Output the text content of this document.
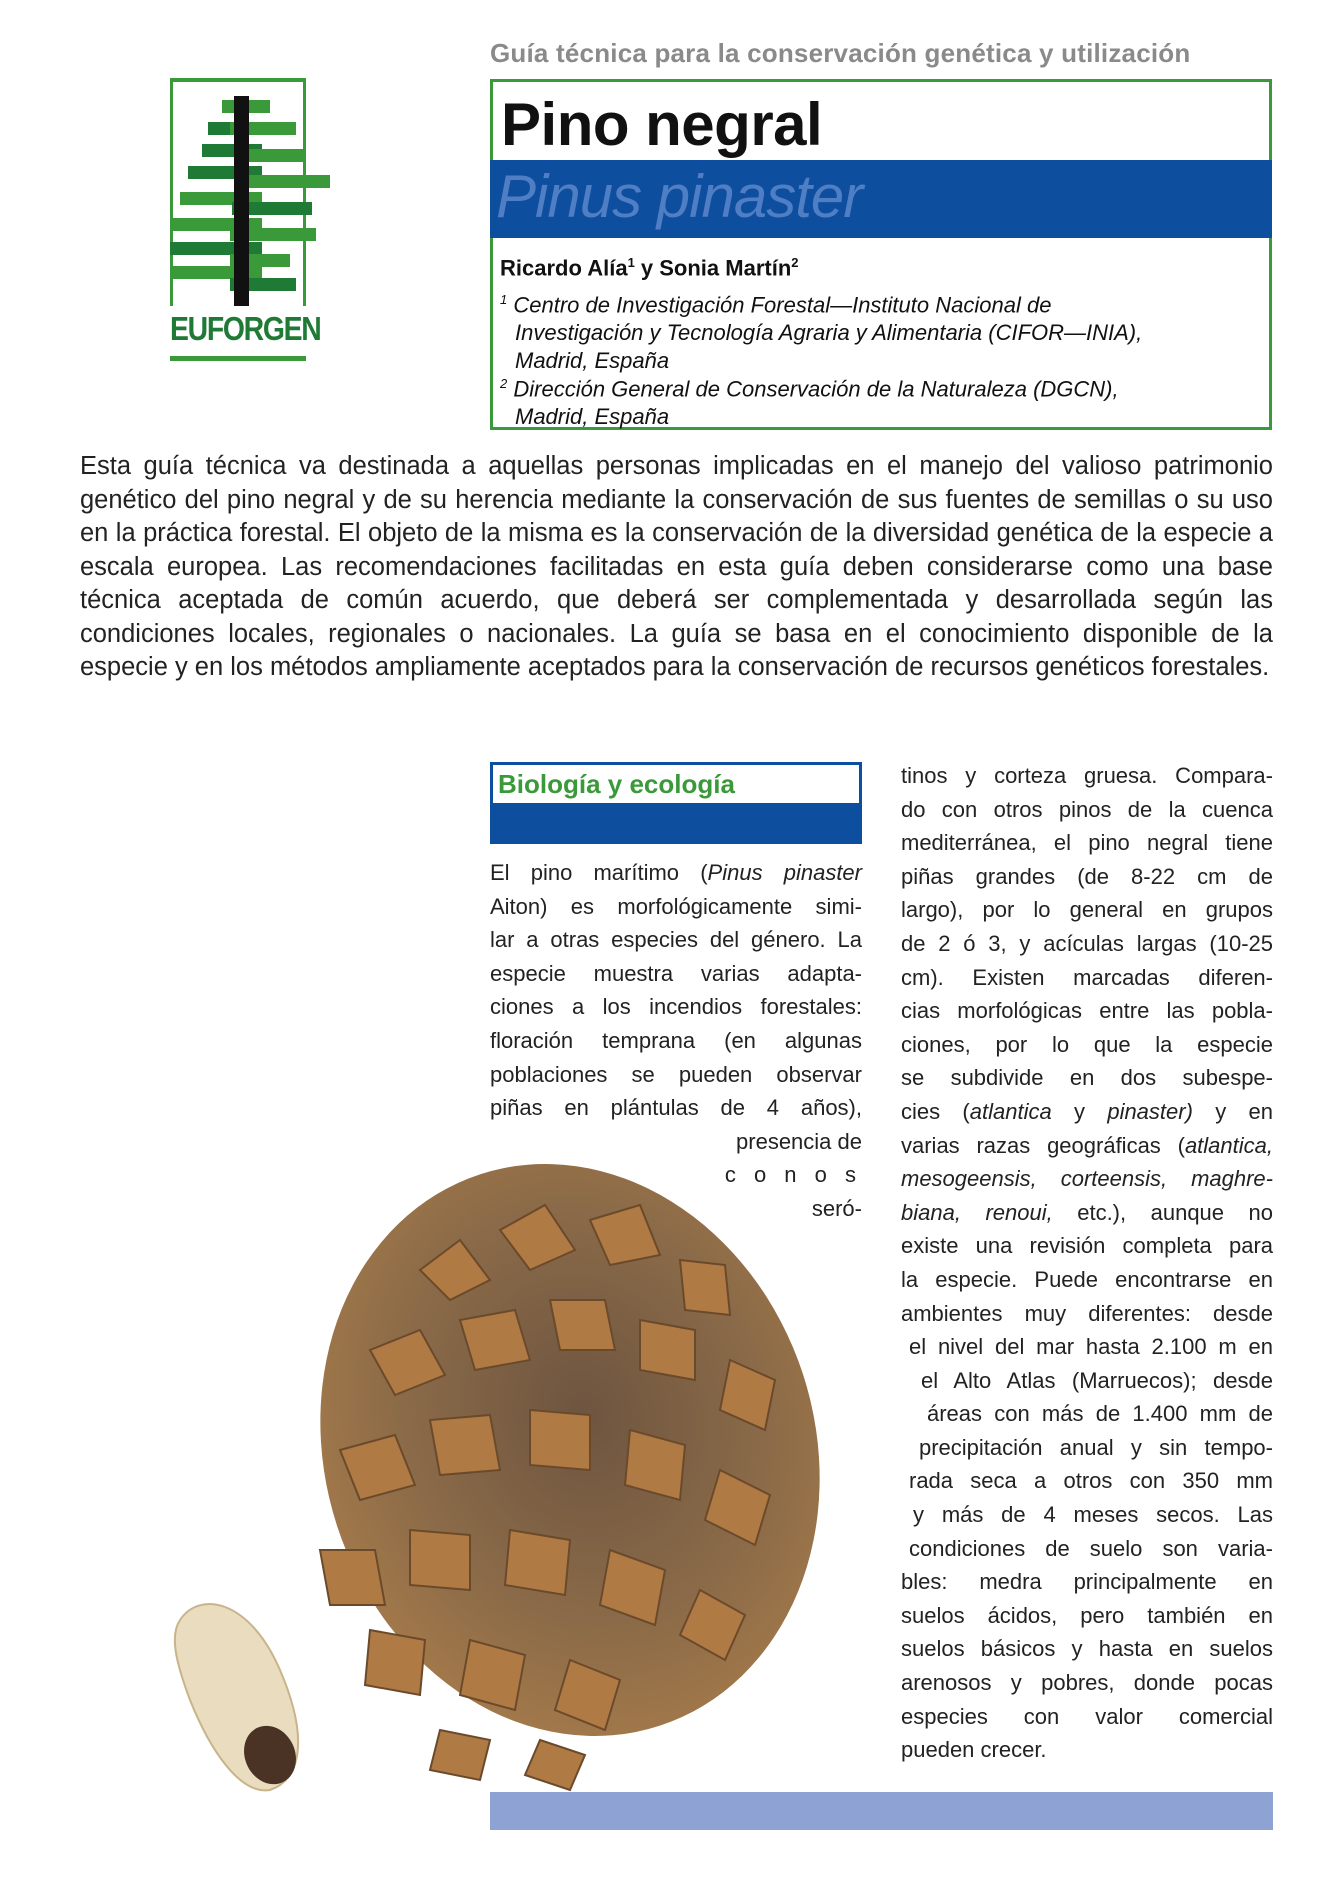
Guía técnica para la conservación genética y utilización
EUFORGEN
Pino negral
Pinus pinaster
Ricardo Alía$^1$ y Sonia Martín$^2$
$^1$ Centro de Investigación Forestal—Instituto Nacional de
Investigación y Tecnología Agraria y Alimentaria (CIFOR—INIA),
Madrid, España
$^2$ Dirección General de Conservación de la Naturaleza (DGCN),
Madrid, España

Esta guía técnica va destinada a aquellas personas implicadas en el manejo del valioso patrimonio genético del pino negral y de su herencia mediante la conservación de sus fuentes de semillas o su uso en la práctica forestal. El objeto de la misma es la conservación de la diversidad genética de la especie a escala europea. Las recomendaciones facilitadas en esta guía deben considerarse como una base técnica aceptada de común acuerdo, que deberá ser complementada y desarrollada según las condiciones locales, regionales o nacionales. La guía se basa en el conocimiento disponible de la especie y en los métodos ampliamente aceptados para la conservación de recursos genéticos forestales.

Biología y ecología
El pino marítimo (Pinus pinaster
Aiton) es morfológicamente simi-
lar a otras especies del género. La
especie muestra varias adapta-
ciones a los incendios forestales:
floración temprana (en algunas
poblaciones se pueden observar
piñas en plántulas de 4 años),
presencia de
c o n o s
seró-
tinos y corteza gruesa. Compara-
do con otros pinos de la cuenca
mediterránea, el pino negral tiene
piñas grandes (de 8-22 cm de
largo), por lo general en grupos
de 2 ó 3, y acículas largas (10-25
cm). Existen marcadas diferen-
cias morfológicas entre las pobla-
ciones, por lo que la especie
se subdivide en dos subespe-
cies (atlantica y pinaster) y en
varias razas geográficas (atlantica,
mesogeensis, corteensis, maghre-
biana, renoui, etc.), aunque no
existe una revisión completa para
la especie. Puede encontrarse en
ambientes muy diferentes: desde
el nivel del mar hasta 2.100 m en
el Alto Atlas (Marruecos); desde
áreas con más de 1.400 mm de
precipitación anual y sin tempo-
rada seca a otros con 350 mm
y más de 4 meses secos. Las
condiciones de suelo son varia-
bles: medra principalmente en
suelos ácidos, pero también en
suelos básicos y hasta en suelos
arenosos y pobres, donde pocas
especies con valor comercial
pueden crecer.
